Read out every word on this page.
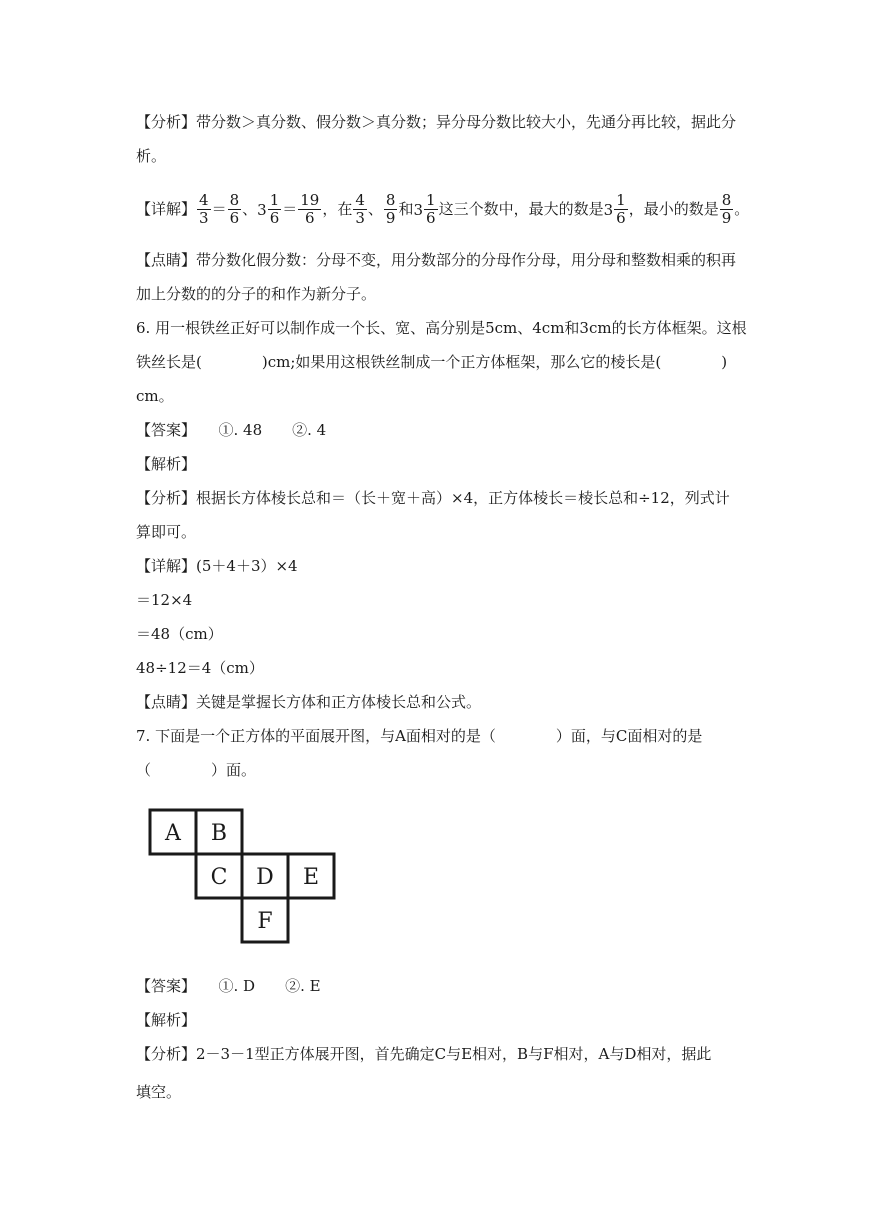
【分析】带分数＞真分数、假分数＞真分数；异分母分数比较大小，先通分再比较，据此分
析。
【详解】 $\frac{4}{3} = \frac{8}{6}$ 、$3 \frac{1}{6} = \frac{19}{6}$ ，在 $\frac{4}{3}$ 、 $\frac{8}{9}$ 和$3 \frac{1}{6}$ 这三个数中，最大的数是$3 \frac{1}{6}$ ，最小的数是 $\frac{8}{9}$ 。
【点睛】带分数化假分数：分母不变，用分数部分的分母作分母，用分母和整数相乘的积再
加上分数的的分子的和作为新分子。
6. 用一根铁丝正好可以制作成一个长、宽、高分别是5cm、4cm和3cm的长方体框架。这根
铁丝长是(　　　　)cm;如果用这根铁丝制成一个正方体框架，那么它的棱长是(　　　　)
cm。
【答案】　　①. 48　　②. 4
【解析】
【分析】根据长方体棱长总和＝（长＋宽＋高）×4，正方体棱长＝棱长总和÷12，列式计
算即可。
【详解】(5＋4＋3）×4
＝12×4
＝48（cm）
48÷12＝4（cm）
【点睛】关键是掌握长方体和正方体棱长总和公式。
7. 下面是一个正方体的平面展开图，与A面相对的是（　　　　）面，与C面相对的是
（　　　　）面。
A B
C D E
F
【答案】　　①. D　　②. E
【解析】
【分析】2－3－1型正方体展开图，首先确定C与E相对，B与F相对，A与D相对，据此
填空。
